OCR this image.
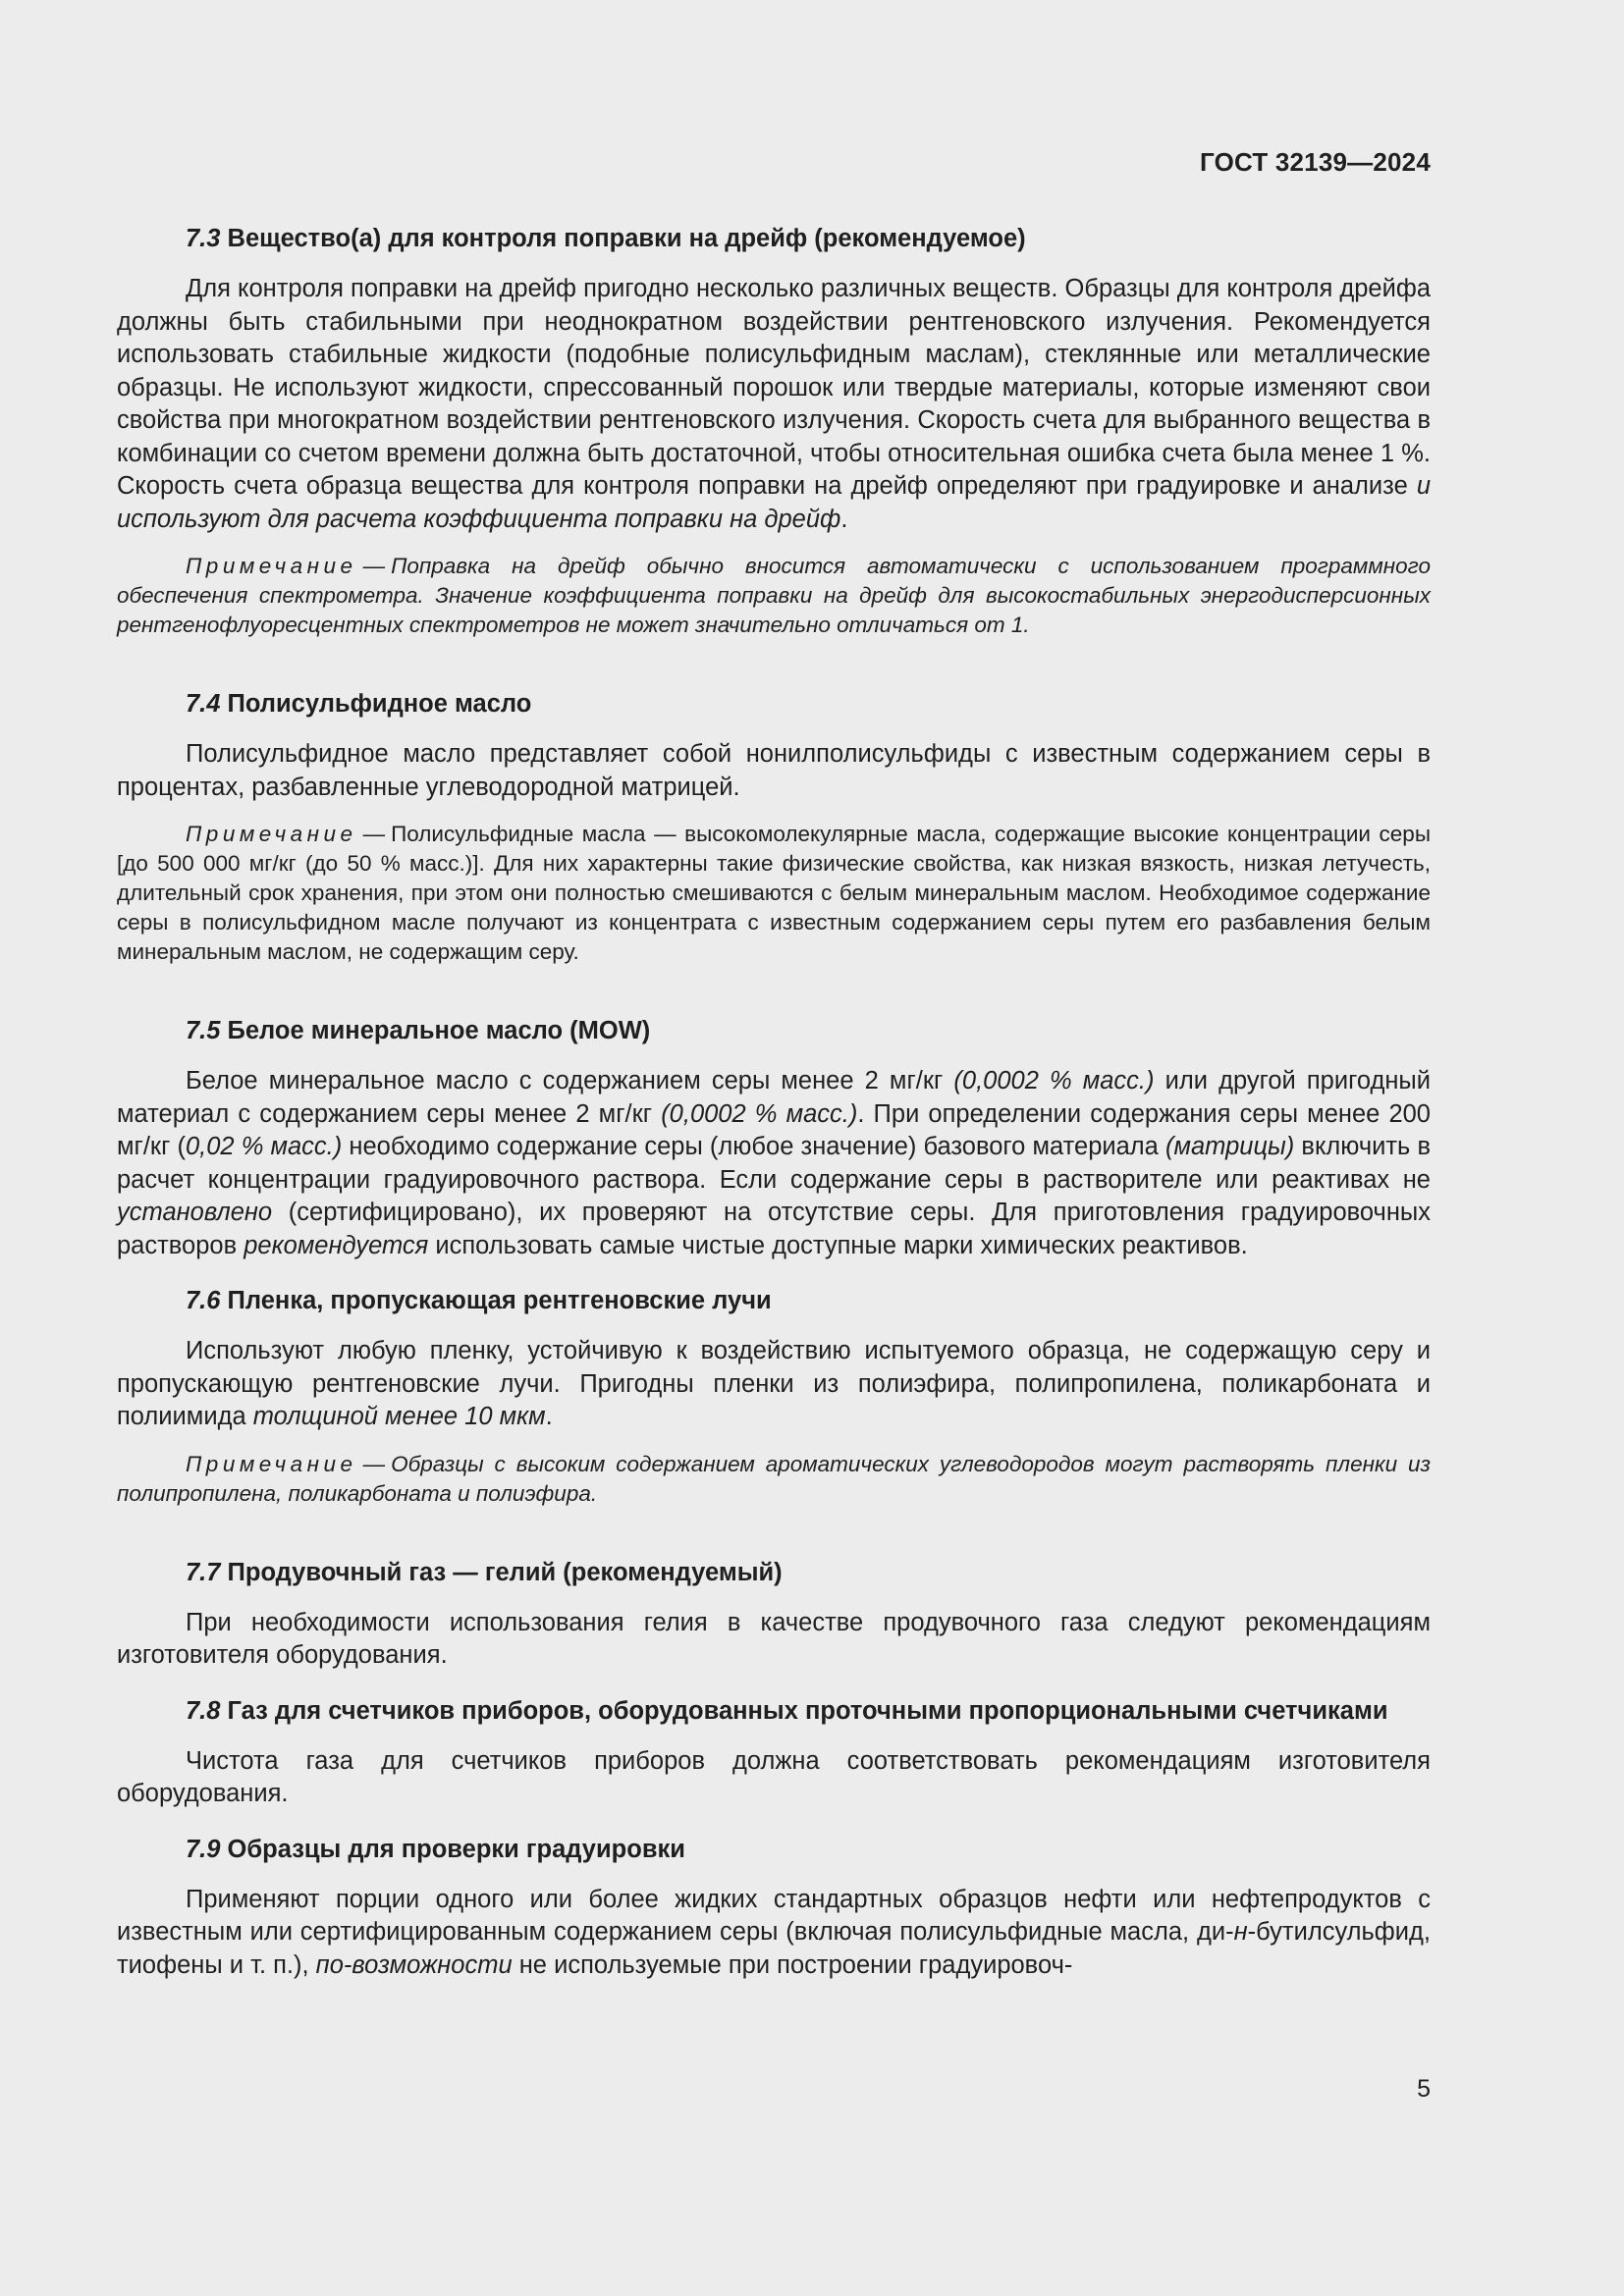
ГОСТ 32139—2024
7.3 Вещество(а) для контроля поправки на дрейф (рекомендуемое)

Для контроля поправки на дрейф пригодно несколько различных веществ. Образцы для контроля дрейфа должны быть стабильными при неоднократном воздействии рентгеновского излучения. Рекомендуется использовать стабильные жидкости (подобные полисульфидным маслам), стеклянные или металлические образцы. Не используют жидкости, спрессованный порошок или твердые материалы, которые изменяют свои свойства при многократном воздействии рентгеновского излучения. Скорость счета для выбранного вещества в комбинации со счетом времени должна быть достаточной, чтобы относительная ошибка счета была менее 1 %. Скорость счета образца вещества для контроля поправки на дрейф определяют при градуировке и анализе и используют для расчета коэффициента поправки на дрейф.

Примечание — Поправка на дрейф обычно вносится автоматически с использованием программного обеспечения спектрометра. Значение коэффициента поправки на дрейф для высокостабильных энергодисперсионных рентгенофлуоресцентных спектрометров не может значительно отличаться от 1.

7.4 Полисульфидное масло

Полисульфидное масло представляет собой нонилполисульфиды с известным содержанием серы в процентах, разбавленные углеводородной матрицей.

Примечание — Полисульфидные масла — высокомолекулярные масла, содержащие высокие концентрации серы [до 500 000 мг/кг (до 50 % масс.)]. Для них характерны такие физические свойства, как низкая вязкость, низкая летучесть, длительный срок хранения, при этом они полностью смешиваются с белым минеральным маслом. Необходимое содержание серы в полисульфидном масле получают из концентрата с известным содержанием серы путем его разбавления белым минеральным маслом, не содержащим серу.

7.5 Белое минеральное масло (MOW)

Белое минеральное масло с содержанием серы менее 2 мг/кг (0,0002 % масс.) или другой пригодный материал с содержанием серы менее 2 мг/кг (0,0002 % масс.). При определении содержания серы менее 200 мг/кг (0,02 % масс.) необходимо содержание серы (любое значение) базового материала (матрицы) включить в расчет концентрации градуировочного раствора. Если содержание серы в растворителе или реактивах не установлено (сертифицировано), их проверяют на отсутствие серы. Для приготовления градуировочных растворов рекомендуется использовать самые чистые доступные марки химических реактивов.

7.6 Пленка, пропускающая рентгеновские лучи

Используют любую пленку, устойчивую к воздействию испытуемого образца, не содержащую серу и пропускающую рентгеновские лучи. Пригодны пленки из полиэфира, полипропилена, поликарбоната и полиимида толщиной менее 10 мкм.

Примечание — Образцы с высоким содержанием ароматических углеводородов могут растворять пленки из полипропилена, поликарбоната и полиэфира.

7.7 Продувочный газ — гелий (рекомендуемый)

При необходимости использования гелия в качестве продувочного газа следуют рекомендациям изготовителя оборудования.

7.8 Газ для счетчиков приборов, оборудованных проточными пропорциональными счетчиками

Чистота газа для счетчиков приборов должна соответствовать рекомендациям изготовителя оборудования.

7.9 Образцы для проверки градуировки

Применяют порции одного или более жидких стандартных образцов нефти или нефтепродуктов с известным или сертифицированным содержанием серы (включая полисульфидные масла, ди-н-бутилсульфид, тиофены и т. п.), по-возможности не используемые при построении градуировоч-

5
